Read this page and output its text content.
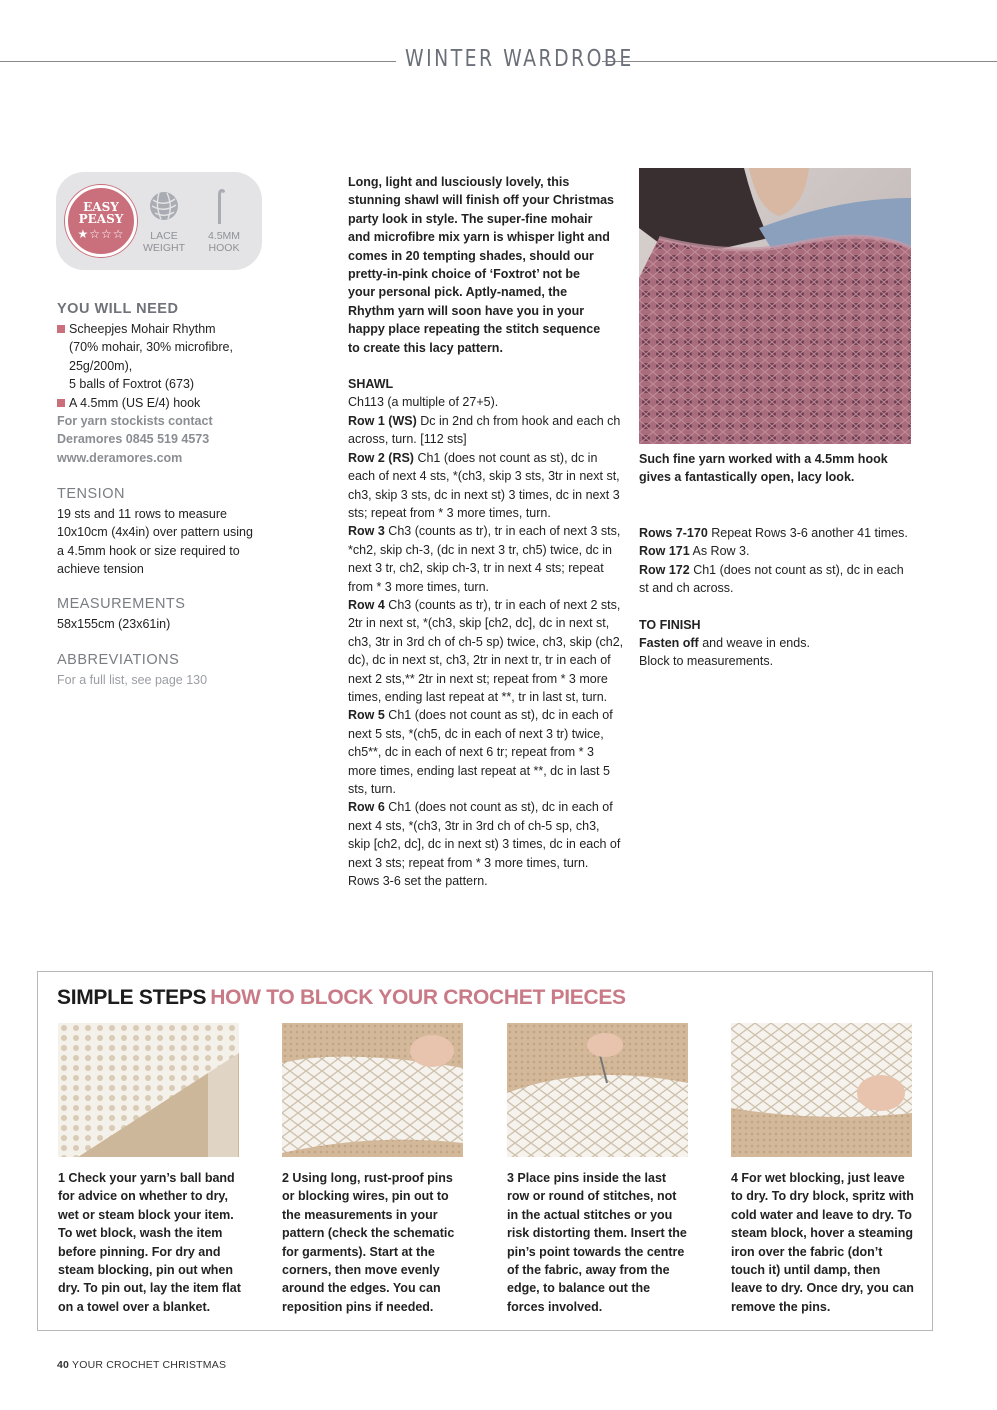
WINTER WARDROBE
EASY
PEASY
★☆☆☆	LACE
WEIGHT
4.5MM
HOOK
YOU WILL NEED
Scheepjes Mohair Rhythm
(70% mohair, 30% microfibre,
25g/200m),
5 balls of Foxtrot (673)
A 4.5mm (US E/4) hook
For yarn stockists contact
Deramores 0845 519 4573
www.deramores.com
TENSION
19 sts and 11 rows to measure
10x10cm (4x4in) over pattern using
a 4.5mm hook or size required to
achieve tension
MEASUREMENTS
58x155cm (23x61in)
ABBREVIATIONS
For a full list, see page 130

Long, light and lusciously lovely, this
stunning shawl will finish off your Christmas
party look in style. The super-fine mohair
and microfibre mix yarn is whisper light and
comes in 20 tempting shades, should our
pretty-in-pink choice of ‘Foxtrot’ not be
your personal pick. Aptly-named, the
Rhythm yarn will soon have you in your
happy place repeating the stitch sequence
to create this lacy pattern.

SHAWL

Ch113 (a multiple of 27+5).

Row 1 (WS) Dc in 2nd ch from hook and each ch across, turn. [112 sts]

Row 2 (RS) Ch1 (does not count as st), dc in each of next 4 sts, *(ch3, skip 3 sts, 3tr in next st, ch3, skip 3 sts, dc in next st) 3 times, dc in next 3 sts; repeat from * 3 more times, turn.

Row 3 Ch3 (counts as tr), tr in each of next 3 sts, *ch2, skip ch-3, (dc in next 3 tr, ch5) twice, dc in next 3 tr, ch2, skip ch-3, tr in next 4 sts; repeat from * 3 more times, turn.

Row 4 Ch3 (counts as tr), tr in each of next 2 sts, 2tr in next st, *(ch3, skip [ch2, dc], dc in next st, ch3, 3tr in 3rd ch of ch-5 sp) twice, ch3, skip (ch2, dc), dc in next st, ch3, 2tr in next tr, tr in each of next 2 sts,** 2tr in next st; repeat from * 3 more times, ending last repeat at **, tr in last st, turn.

Row 5 Ch1 (does not count as st), dc in each of next 5 sts, *(ch5, dc in each of next 3 tr) twice, ch5**, dc in each of next 6 tr; repeat from * 3 more times, ending last repeat at **, dc in last 5 sts, turn.

Row 6 Ch1 (does not count as st), dc in each of next 4 sts, *(ch3, 3tr in 3rd ch of ch-5 sp, ch3, skip [ch2, dc], dc in next st) 3 times, dc in each of next 3 sts; repeat from * 3 more times, turn.

Rows 3-6 set the pattern.

Such fine yarn worked with a 4.5mm hook
gives a fantastically open, lacy look.

Rows 7-170 Repeat Rows 3-6 another 41 times.

Row 171 As Row 3.

Row 172 Ch1 (does not count as st), dc in each st and ch across.

TO FINISH

Fasten off and weave in ends.

Block to measurements.

SIMPLE STEPS HOW TO BLOCK YOUR CROCHET PIECES
1 Check your yarn’s ball band for advice on whether to dry, wet or steam block your item. To wet block, wash the item before pinning. For dry and steam blocking, pin out when dry. To pin out, lay the item flat on a towel over a blanket.
2 Using long, rust-proof pins or blocking wires, pin out to the measurements in your pattern (check the schematic for garments). Start at the corners, then move evenly around the edges. You can reposition pins if needed.
3 Place pins inside the last row or round of stitches, not in the actual stitches or you risk distorting them. Insert the pin’s point towards the centre of the fabric, away from the edge, to balance out the forces involved.
4 For wet blocking, just leave to dry. To dry block, spritz with cold water and leave to dry. To steam block, hover a steaming iron over the fabric (don’t touch it) until damp, then leave to dry. Once dry, you can remove the pins.
40 YOUR CROCHET CHRISTMAS
